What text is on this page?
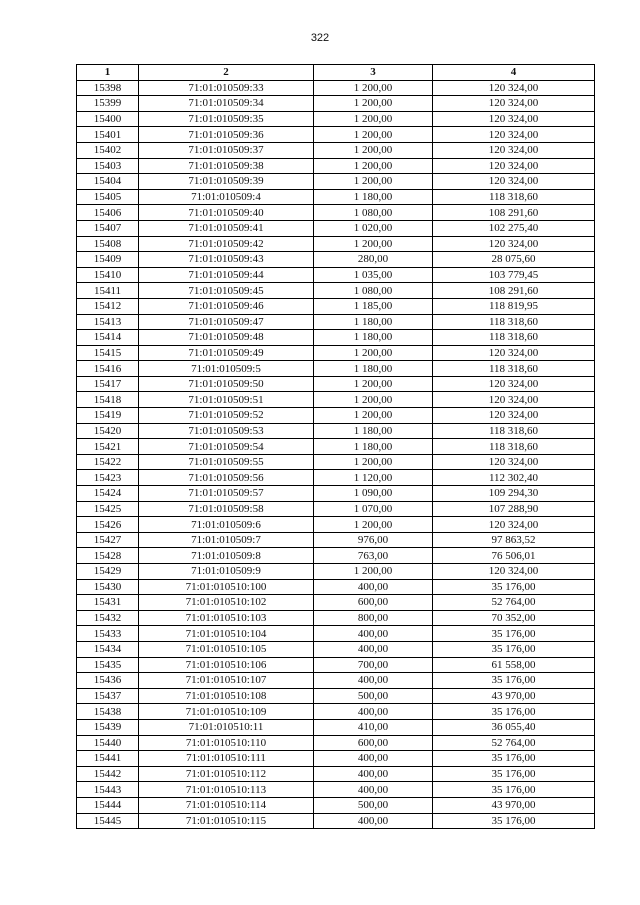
322
1	2	3	4
15398	71:01:010509:33	1 200,00	120 324,00
15399	71:01:010509:34	1 200,00	120 324,00
15400	71:01:010509:35	1 200,00	120 324,00
15401	71:01:010509:36	1 200,00	120 324,00
15402	71:01:010509:37	1 200,00	120 324,00
15403	71:01:010509:38	1 200,00	120 324,00
15404	71:01:010509:39	1 200,00	120 324,00
15405	71:01:010509:4	1 180,00	118 318,60
15406	71:01:010509:40	1 080,00	108 291,60
15407	71:01:010509:41	1 020,00	102 275,40
15408	71:01:010509:42	1 200,00	120 324,00
15409	71:01:010509:43	280,00	28 075,60
15410	71:01:010509:44	1 035,00	103 779,45
15411	71:01:010509:45	1 080,00	108 291,60
15412	71:01:010509:46	1 185,00	118 819,95
15413	71:01:010509:47	1 180,00	118 318,60
15414	71:01:010509:48	1 180,00	118 318,60
15415	71:01:010509:49	1 200,00	120 324,00
15416	71:01:010509:5	1 180,00	118 318,60
15417	71:01:010509:50	1 200,00	120 324,00
15418	71:01:010509:51	1 200,00	120 324,00
15419	71:01:010509:52	1 200,00	120 324,00
15420	71:01:010509:53	1 180,00	118 318,60
15421	71:01:010509:54	1 180,00	118 318,60
15422	71:01:010509:55	1 200,00	120 324,00
15423	71:01:010509:56	1 120,00	112 302,40
15424	71:01:010509:57	1 090,00	109 294,30
15425	71:01:010509:58	1 070,00	107 288,90
15426	71:01:010509:6	1 200,00	120 324,00
15427	71:01:010509:7	976,00	97 863,52
15428	71:01:010509:8	763,00	76 506,01
15429	71:01:010509:9	1 200,00	120 324,00
15430	71:01:010510:100	400,00	35 176,00
15431	71:01:010510:102	600,00	52 764,00
15432	71:01:010510:103	800,00	70 352,00
15433	71:01:010510:104	400,00	35 176,00
15434	71:01:010510:105	400,00	35 176,00
15435	71:01:010510:106	700,00	61 558,00
15436	71:01:010510:107	400,00	35 176,00
15437	71:01:010510:108	500,00	43 970,00
15438	71:01:010510:109	400,00	35 176,00
15439	71:01:010510:11	410,00	36 055,40
15440	71:01:010510:110	600,00	52 764,00
15441	71:01:010510:111	400,00	35 176,00
15442	71:01:010510:112	400,00	35 176,00
15443	71:01:010510:113	400,00	35 176,00
15444	71:01:010510:114	500,00	43 970,00
15445	71:01:010510:115	400,00	35 176,00
